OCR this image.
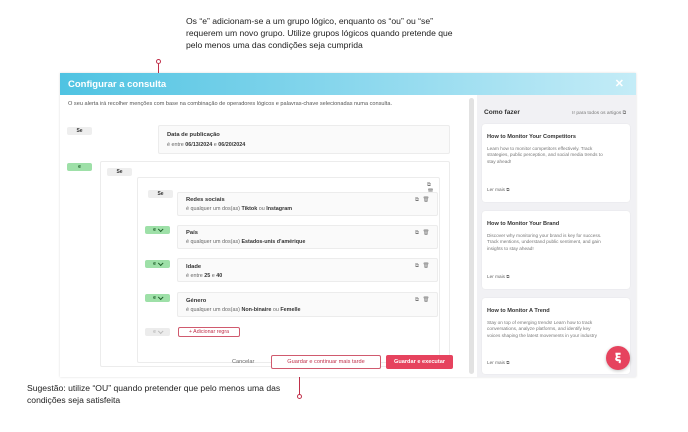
Os “e” adicionam-se a um grupo lógico, enquanto os “ou” ou “se” requerem um novo grupo. Utilize grupos lógicos quando pretende que pelo menos uma das condições seja cumprida
Sugestão: utilize “OU” quando pretender que pelo menos uma das condições seja satisfeita
Configurar a consulta	✕
O seu alerta irá recolher menções com base na combinação de operadores lógicos e palavras-chave selecionadas numa consulta.
Se
Data de publicação
é entre 06/13/2024 e 06/20/2024
e
Se
⧉
Se
Redes sociais
é qualquer um dos(as) Tiktok ou Instagram
⧉ 🗑
e	País
é qualquer um dos(as) Estados-unis d'amérique
⧉ 🗑
e	Idade
é entre 25 e 40
⧉ 🗑
e	Género
é qualquer um dos(as) Non-binaire ou Femelle
⧉ 🗑
e	+ Adicionar regra
Cancelar	Guardar e continuar mais tarde	Guardar e executar
Como fazer	Ir para todos os artigos ⧉
How to Monitor Your Competitors
Learn how to monitor competitors effectively. Track strategies, public perception, and social media trends to stay ahead!
Ler mais ⧉
How to Monitor Your Brand
Discover why monitoring your brand is key for success. Track mentions, understand public sentiment, and gain insights to stay ahead!
Ler mais ⧉
How to Monitor A Trend
Stay on top of emerging trends! Learn how to track conversations, analyze platforms, and identify key voices shaping the latest movements in your industry
Ler mais ⧉	𝛏
